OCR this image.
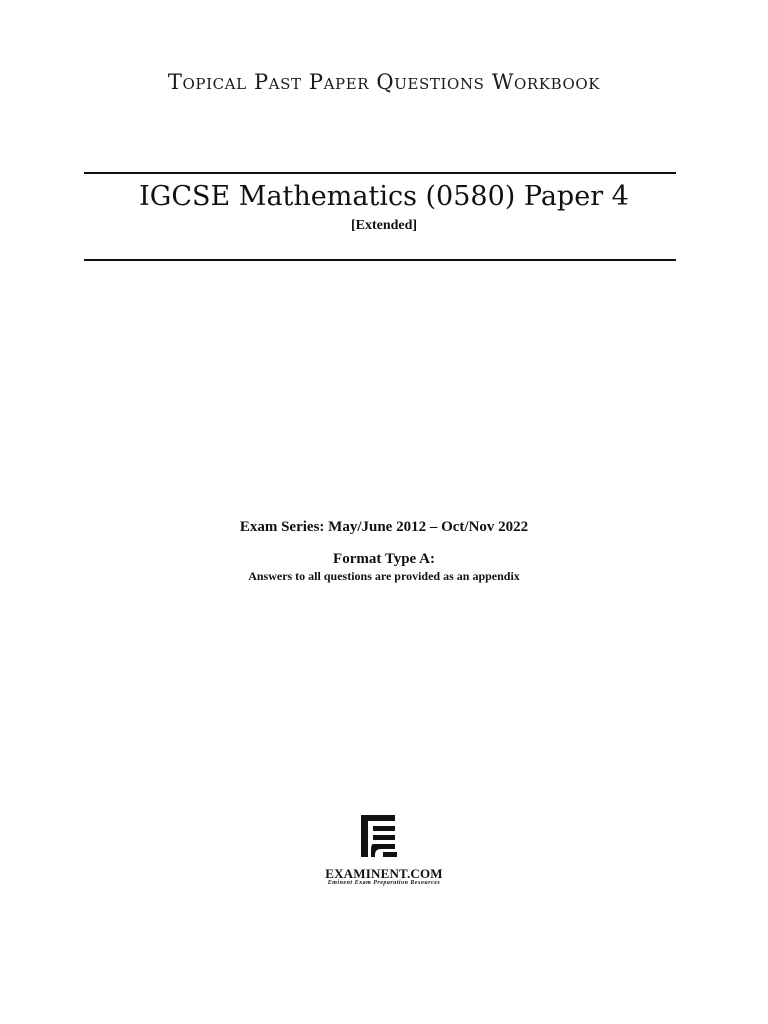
Topical Past Paper Questions Workbook
IGCSE Mathematics (0580) Paper 4
[Extended]
Exam Series: May/June 2012 – Oct/Nov 2022
Format Type A:
Answers to all questions are provided as an appendix
EXAMINENT.COM
Eminent Exam Preparation Resources
